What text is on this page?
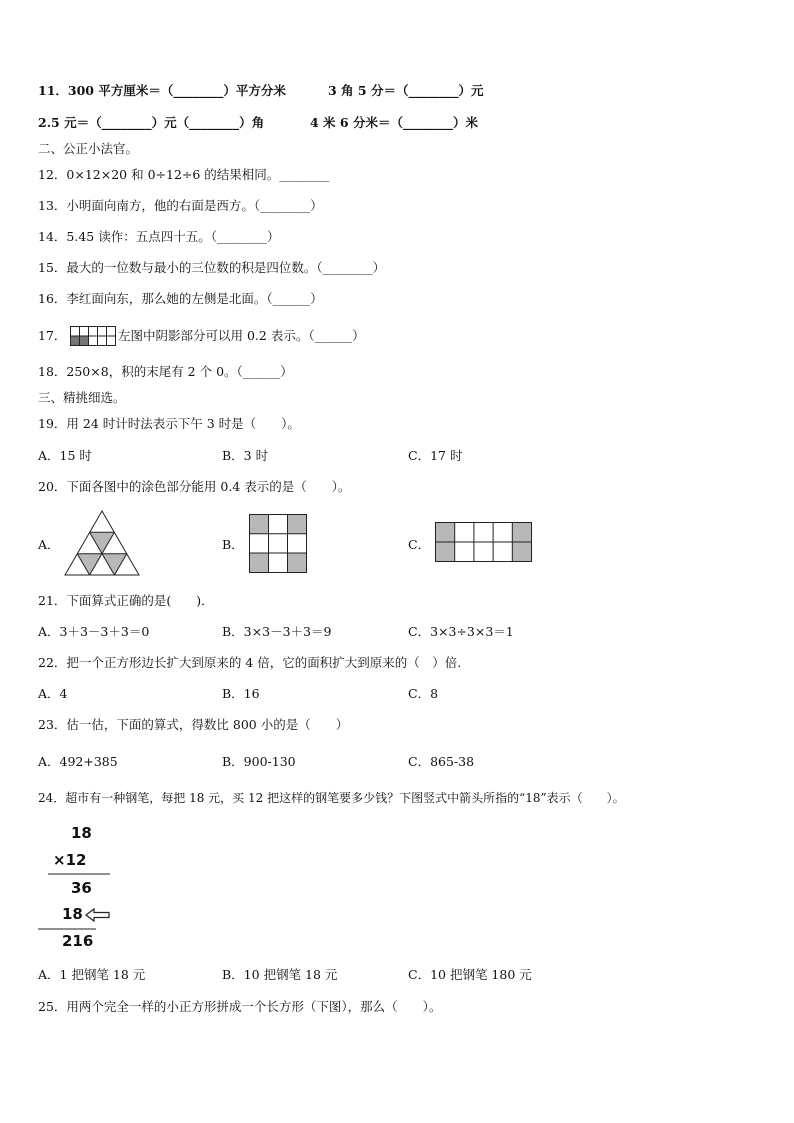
11．300 平方厘米＝（________）平方分米	3 角 5 分＝（________）元
2.5 元＝（________）元（________）角	4 米 6 分米＝（________）米
二、公正小法官。
12．0×12×20 和 0÷12÷6 的结果相同。________
13．小明面向南方，他的右面是西方。（________）
14．5.45 读作：五点四十五。（________）
15．最大的一位数与最小的三位数的积是四位数。（________）
16．李红面向东，那么她的左侧是北面。（______）
17．	左图中阴影部分可以用 0.2 表示。（______）
18．250×8，积的末尾有 2 个 0。（______）
三、精挑细选。
19．用 24 时计时法表示下午 3 时是（　　）。
A．15 时	B．3 时	C．17 时
20．下面各图中的涂色部分能用 0.4 表示的是（　　）。
A．	B．	C．
21．下面算式正确的是(　　)．
A．3＋3－3＋3＝0	B．3×3－3＋3＝9	C．3×3÷3×3＝1
22．把一个正方形边长扩大到原来的 4 倍，它的面积扩大到原来的（　）倍.
A．4	B．16	C．8
23．估一估，下面的算式，得数比 800 小的是（　　）
A．492+385	B．900-130	C．865-38
24．超市有一种钢笔，每把 18 元，买 12 把这样的钢笔要多少钱？下图竖式中箭头所指的“18”表示（　　）。
18
×12
36
18
216
A．1 把钢笔 18 元	B．10 把钢笔 18 元	C．10 把钢笔 180 元
25．用两个完全一样的小正方形拼成一个长方形（下图），那么（　　）。
